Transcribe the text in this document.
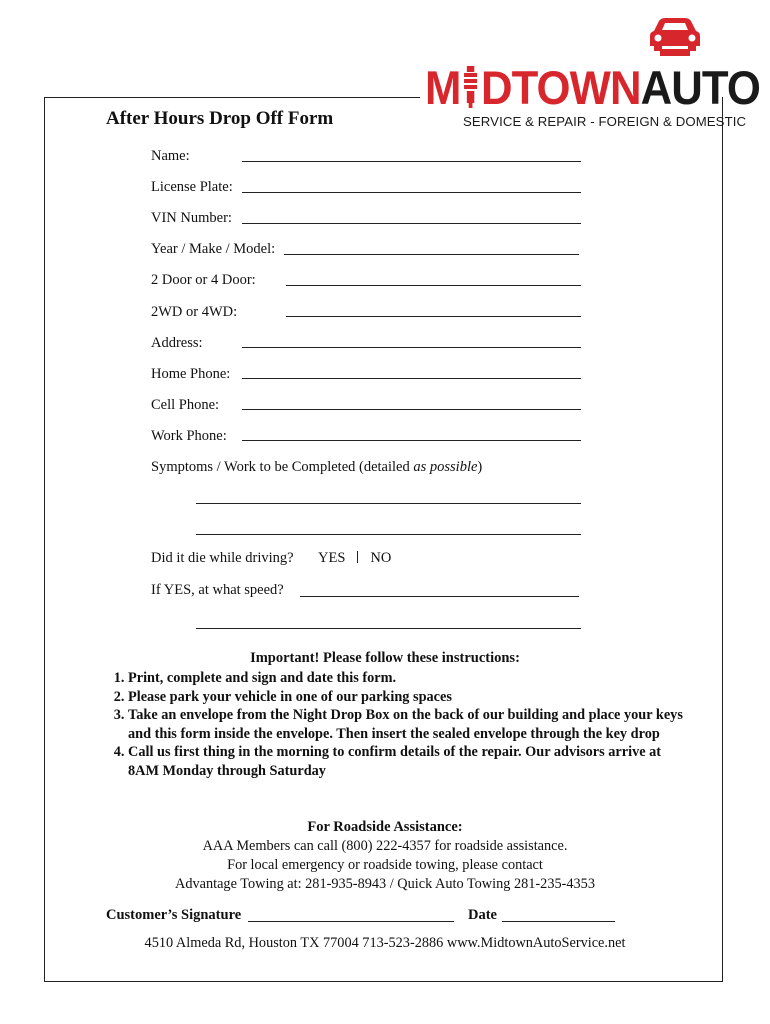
M DTOWNAUTO
SERVICE & REPAIR - FOREIGN & DOMESTIC
After Hours Drop Off Form
Name:
License Plate:
VIN Number:
Year / Make / Model:
2 Door or 4 Door:
2WD or 4WD:
Address:
Home Phone:
Cell Phone:
Work Phone:
Symptoms / Work to be Completed (detailed as possible)
Did it die while driving? YES NO
If YES, at what speed?
Important! Please follow these instructions:
1. Print, complete and sign and date this form.
2. Please park your vehicle in one of our parking spaces
3. Take an envelope from the Night Drop Box on the back of our building and place your keys and this form inside the envelope. Then insert the sealed envelope through the key drop
4. Call us first thing in the morning to confirm details of the repair. Our advisors arrive at 8AM Monday through Saturday
For Roadside Assistance:
AAA Members can call (800) 222-4357 for roadside assistance.
For local emergency or roadside towing, please contact
Advantage Towing at: 281-935-8943 / Quick Auto Towing 281-235-4353
Customer’s Signature	Date
4510 Almeda Rd, Houston TX 77004 713-523-2886 www.MidtownAutoService.net
